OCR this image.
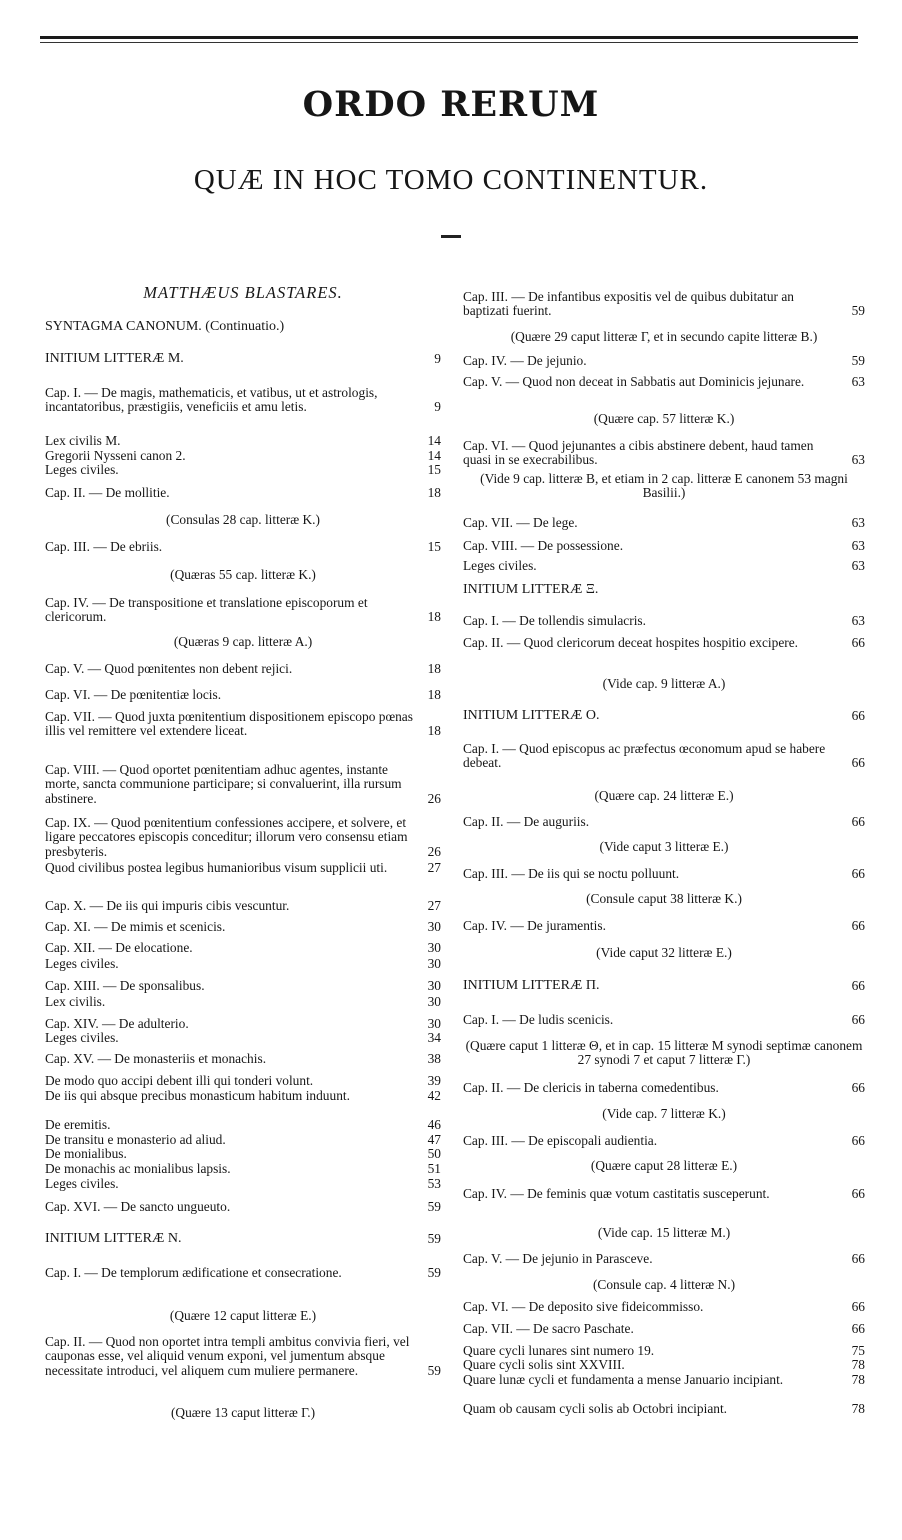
ORDO RERUM
QUÆ IN HOC TOMO CONTINENTUR.
MATTHÆUS BLASTARES.
SYNTAGMA CANONUM. (Continuatio.)
INITIUM LITTERÆ M.	9
Cap. I. — De magis, mathematicis, et vatibus, ut et astrologis, incantatoribus, præstigiis, veneficiis et amu letis.	9
Lex civilis M.	14
Gregorii Nysseni canon 2.	14
Leges civiles.	15
Cap. II. — De mollitie.	18
(Consulas 28 cap. litteræ K.)
Cap. III. — De ebriis.	15
(Quæras 55 cap. litteræ K.)
Cap. IV. — De transpositione et translatione episcoporum et clericorum.	18
(Quæras 9 cap. litteræ A.)
Cap. V. — Quod pœnitentes non debent rejici.	18
Cap. VI. — De pœnitentiæ locis.	18
Cap. VII. — Quod juxta pœnitentium dispositionem episcopo pœnas illis vel remittere vel extendere liceat.	18
Cap. VIII. — Quod oportet pœnitentiam adhuc agentes, instante morte, sancta communione participare; si convaluerint, illa rursum abstinere.	26
Cap. IX. — Quod pœnitentium confessiones accipere, et solvere, et ligare peccatores episcopis conceditur; illorum vero consensu etiam presbyteris.	26
Quod civilibus postea legibus humanioribus visum supplicii uti.	27
Cap. X. — De iis qui impuris cibis vescuntur.	27
Cap. XI. — De mimis et scenicis.	30
Cap. XII. — De elocatione.	30
Leges civiles.	30
Cap. XIII. — De sponsalibus.	30
Lex civilis.	30
Cap. XIV. — De adulterio.	30
Leges civiles.	34
Cap. XV. — De monasteriis et monachis.	38
De modo quo accipi debent illi qui tonderi volunt.	39
De iis qui absque precibus monasticum habitum induunt.	42
De eremitis.	46
De transitu e monasterio ad aliud.	47
De monialibus.	50
De monachis ac monialibus lapsis.	51
Leges civiles.	53
Cap. XVI. — De sancto ungueuto.	59
INITIUM LITTERÆ N.	59
Cap. I. — De templorum ædificatione et consecratione.	59
(Quære 12 caput litteræ E.)
Cap. II. — Quod non oportet intra templi ambitus convivia fieri, vel cauponas esse, vel aliquid venum exponi, vel jumentum absque necessitate introduci, vel aliquem cum muliere permanere.	59
(Quære 13 caput litteræ Γ.)
Cap. III. — De infantibus expositis vel de quibus dubitatur an baptizati fuerint.	59
(Quære 29 caput litteræ Γ, et in secundo capite litteræ B.)
Cap. IV. — De jejunio.	59
Cap. V. — Quod non deceat in Sabbatis aut Dominicis jejunare.	63
(Quære cap. 57 litteræ K.)
Cap. VI. — Quod jejunantes a cibis abstinere debent, haud tamen quasi in se execrabilibus.	63
(Vide 9 cap. litteræ B, et etiam in 2 cap. litteræ E canonem 53 magni Basilii.)
Cap. VII. — De lege.	63
Cap. VIII. — De possessione.	63
Leges civiles.	63
INITIUM LITTERÆ Ξ.
Cap. I. — De tollendis simulacris.	63
Cap. II. — Quod clericorum deceat hospites hospitio excipere.	66
(Vide cap. 9 litteræ A.)
INITIUM LITTERÆ O.	66
Cap. I. — Quod episcopus ac præfectus œconomum apud se habere debeat.	66
(Quære cap. 24 litteræ E.)
Cap. II. — De auguriis.	66
(Vide caput 3 litteræ E.)
Cap. III. — De iis qui se noctu polluunt.	66
(Consule caput 38 litteræ K.)
Cap. IV. — De juramentis.	66
(Vide caput 32 litteræ E.)
INITIUM LITTERÆ Π.	66
Cap. I. — De ludis scenicis.	66
(Quære caput 1 litteræ Θ, et in cap. 15 litteræ M synodi septimæ canonem 27 synodi 7 et caput 7 litteræ Γ.)
Cap. II. — De clericis in taberna comedentibus.	66
(Vide cap. 7 litteræ K.)
Cap. III. — De episcopali audientia.	66
(Quære caput 28 litteræ E.)
Cap. IV. — De feminis quæ votum castitatis susceperunt.	66
(Vide cap. 15 litteræ M.)
Cap. V. — De jejunio in Parasceve.	66
(Consule cap. 4 litteræ N.)
Cap. VI. — De deposito sive fideicommisso.	66
Cap. VII. — De sacro Paschate.	66
Quare cycli lunares sint numero 19.	75
Quare cycli solis sint XXVIII.	78
Quare lunæ cycli et fundamenta a mense Januario incipiant.	78
Quam ob causam cycli solis ab Octobri incipiant.	78
